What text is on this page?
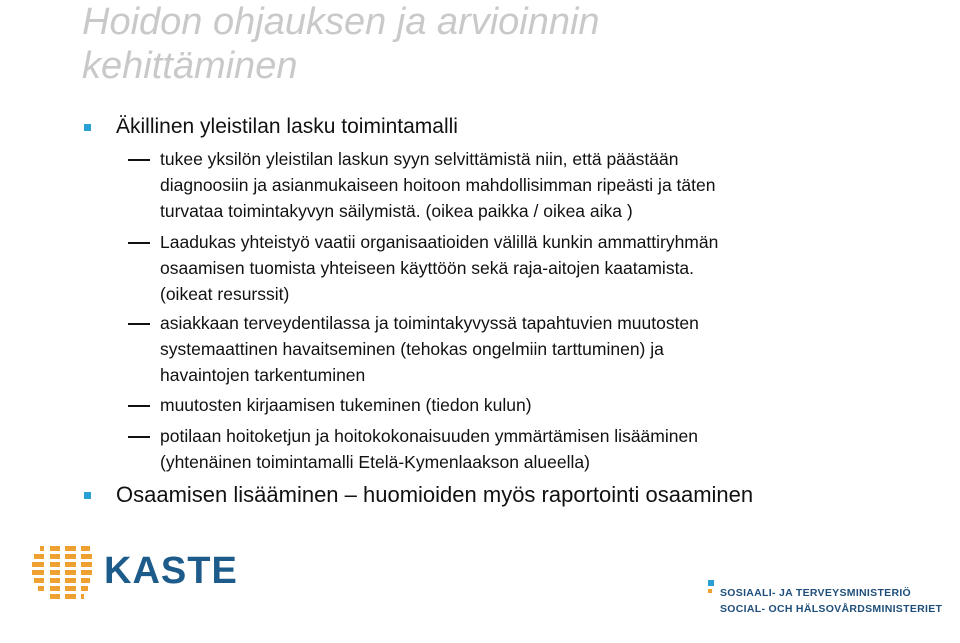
Hoidon ohjauksen ja arvioinnin
kehittäminen

Äkillinen yleistilan lasku toimintamalli

tukee yksilön yleistilan laskun syyn selvittämistä niin, että päästään
diagnoosiin ja asianmukaiseen hoitoon mahdollisimman ripeästi ja täten
turvataa toimintakyvyn säilymistä. (oikea paikka / oikea aika )
Laadukas yhteistyö vaatii organisaatioiden välillä kunkin ammattiryhmän
osaamisen tuomista yhteiseen käyttöön sekä raja-aitojen kaatamista.
(oikeat resurssit)
asiakkaan terveydentilassa ja toimintakyvyssä tapahtuvien muutosten
systemaattinen havaitseminen (tehokas ongelmiin tarttuminen) ja
havaintojen tarkentuminen
muutosten kirjaamisen tukeminen (tiedon kulun)
potilaan hoitoketjun ja hoitokokonaisuuden ymmärtämisen lisääminen
(yhtenäinen toimintamalli Etelä-Kymenlaakson alueella)

Osaamisen lisääminen – huomioiden myös raportointi osaaminen

KASTE
SOSIAALI- JA TERVEYSMINISTERIÖ
SOCIAL- OCH HÄLSOVÅRDSMINISTERIET
